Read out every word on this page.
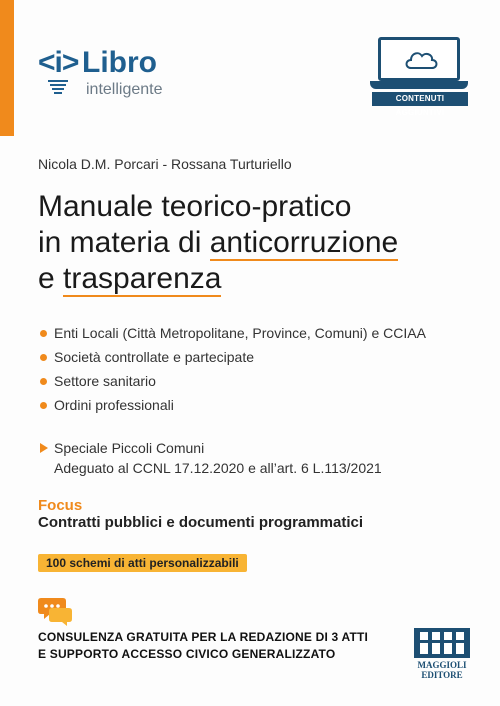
<i> Libro
intelligente
CONTENUTI AGGIUNTIVI
Nicola D.M. Porcari - Rossana Turturiello
Manuale teorico-pratico
in materia di anticorruzione
e trasparenza
Enti Locali (Città Metropolitane, Province, Comuni) e CCIAA
Società controllate e partecipate
Settore sanitario
Ordini professionali
Speciale Piccoli Comuni
Adeguato al CCNL 17.12.2020 e all’art. 6 L.113/2021
Focus
Contratti pubblici e documenti programmatici
100 schemi di atti personalizzabili
CONSULENZA GRATUITA PER LA REDAZIONE DI 3 ATTI
E SUPPORTO ACCESSO CIVICO GENERALIZZATO
MAGGIOLI
EDITORE
